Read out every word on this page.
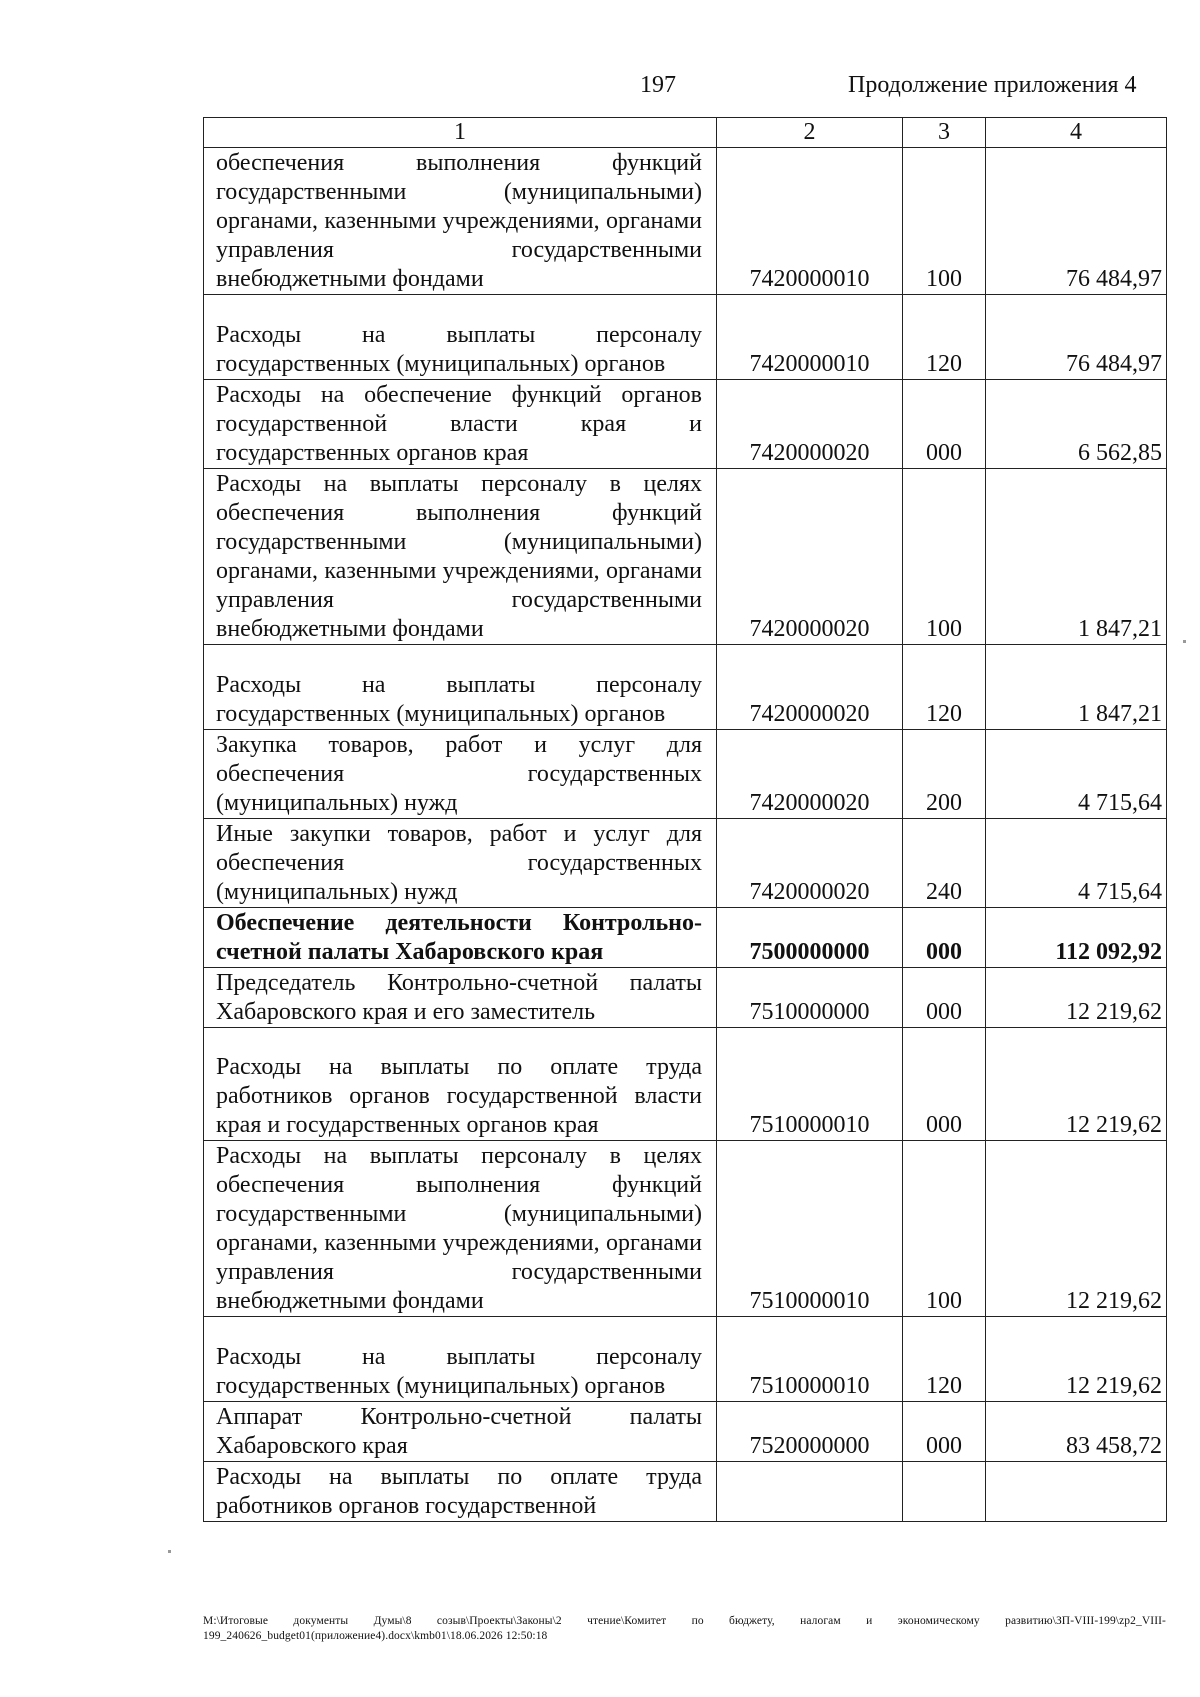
197	Продолжение приложения 4
1	2	3	4
обеспечения выполнения функций государственными (муниципальными) органами, казенными учреждениями, органами управления государственными внебюджетными фондами	7420000010	100	76 484,97
Расходы на выплаты персоналу государственных (муниципальных) органов	7420000010	120	76 484,97
Расходы на обеспечение функций органов государственной власти края и государственных органов края	7420000020	000	6 562,85
Расходы на выплаты персоналу в целях обеспечения выполнения функций государственными (муниципальными) органами, казенными учреждениями, органами управления государственными внебюджетными фондами	7420000020	100	1 847,21
Расходы на выплаты персоналу государственных (муниципальных) органов	7420000020	120	1 847,21
Закупка товаров, работ и услуг для обеспечения государственных (муниципальных) нужд	7420000020	200	4 715,64
Иные закупки товаров, работ и услуг для обеспечения государственных (муниципальных) нужд	7420000020	240	4 715,64
Обеспечение деятельности Контрольно-счетной палаты Хабаровского края	7500000000	000	112 092,92
Председатель Контрольно-счетной палаты Хабаровского края и его заместитель	7510000000	000	12 219,62
Расходы на выплаты по оплате труда работников органов государственной власти края и государственных органов края	7510000010	000	12 219,62
Расходы на выплаты персоналу в целях обеспечения выполнения функций государственными (муниципальными) органами, казенными учреждениями, органами управления государственными внебюджетными фондами	7510000010	100	12 219,62
Расходы на выплаты персоналу государственных (муниципальных) органов	7510000010	120	12 219,62
Аппарат Контрольно-счетной палаты Хабаровского края	7520000000	000	83 458,72
Расходы на выплаты по оплате труда работников органов государственной			
M:\Итоговые документы Думы\8 созыв\Проекты\Законы\2 чтение\Комитет по бюджету, налогам и экономическому развитию\ЗП-VIII-199\zp2_VIII-199_240626_budget01(приложение4).docx\kmb01\18.06.2026 12:50:18
